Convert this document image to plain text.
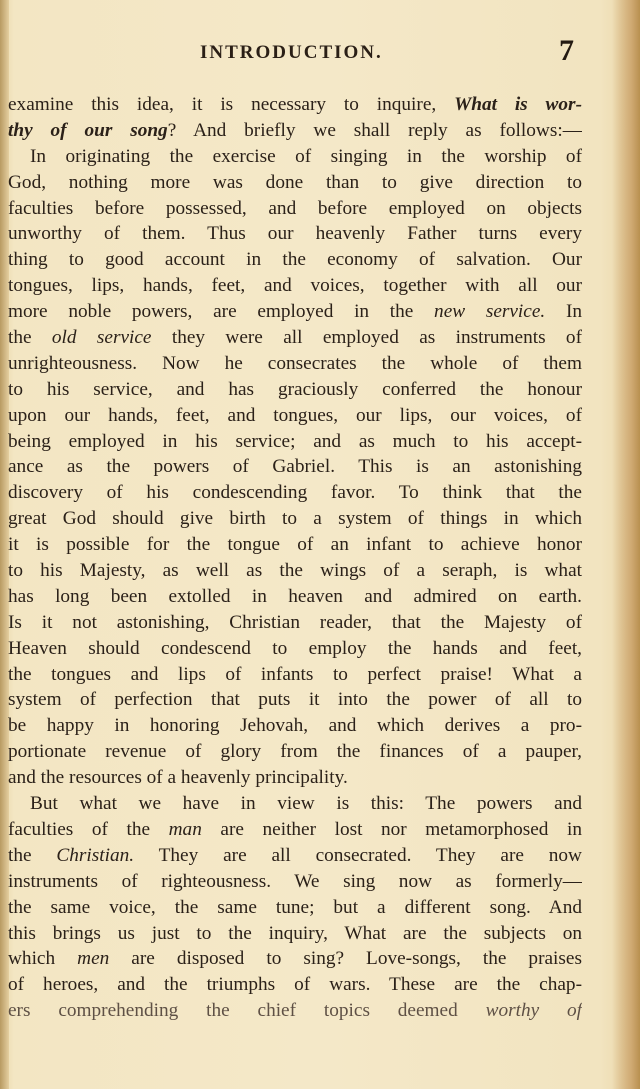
INTRODUCTION.	7
examine this idea, it is necessary to inquire, What is wor-
thy of our song? And briefly we shall reply as follows:—
In originating the exercise of singing in the worship of
God, nothing more was done than to give direction to
faculties before possessed, and before employed on objects
unworthy of them. Thus our heavenly Father turns every
thing to good account in the economy of salvation. Our
tongues, lips, hands, feet, and voices, together with all our
more noble powers, are employed in the new service. In
the old service they were all employed as instruments of
unrighteousness. Now he consecrates the whole of them
to his service, and has graciously conferred the honour
upon our hands, feet, and tongues, our lips, our voices, of
being employed in his service; and as much to his accept-
ance as the powers of Gabriel. This is an astonishing
discovery of his condescending favor. To think that the
great God should give birth to a system of things in which
it is possible for the tongue of an infant to achieve honor
to his Majesty, as well as the wings of a seraph, is what
has long been extolled in heaven and admired on earth.
Is it not astonishing, Christian reader, that the Majesty of
Heaven should condescend to employ the hands and feet,
the tongues and lips of infants to perfect praise! What a
system of perfection that puts it into the power of all to
be happy in honoring Jehovah, and which derives a pro-
portionate revenue of glory from the finances of a pauper,
and the resources of a heavenly principality.
But what we have in view is this: The powers and
faculties of the man are neither lost nor metamorphosed in
the Christian. They are all consecrated. They are now
instruments of righteousness. We sing now as formerly—
the same voice, the same tune; but a different song. And
this brings us just to the inquiry, What are the subjects on
which men are disposed to sing? Love-songs, the praises
of heroes, and the triumphs of wars. These are the chap-
ers comprehending the chief topics deemed worthy of
